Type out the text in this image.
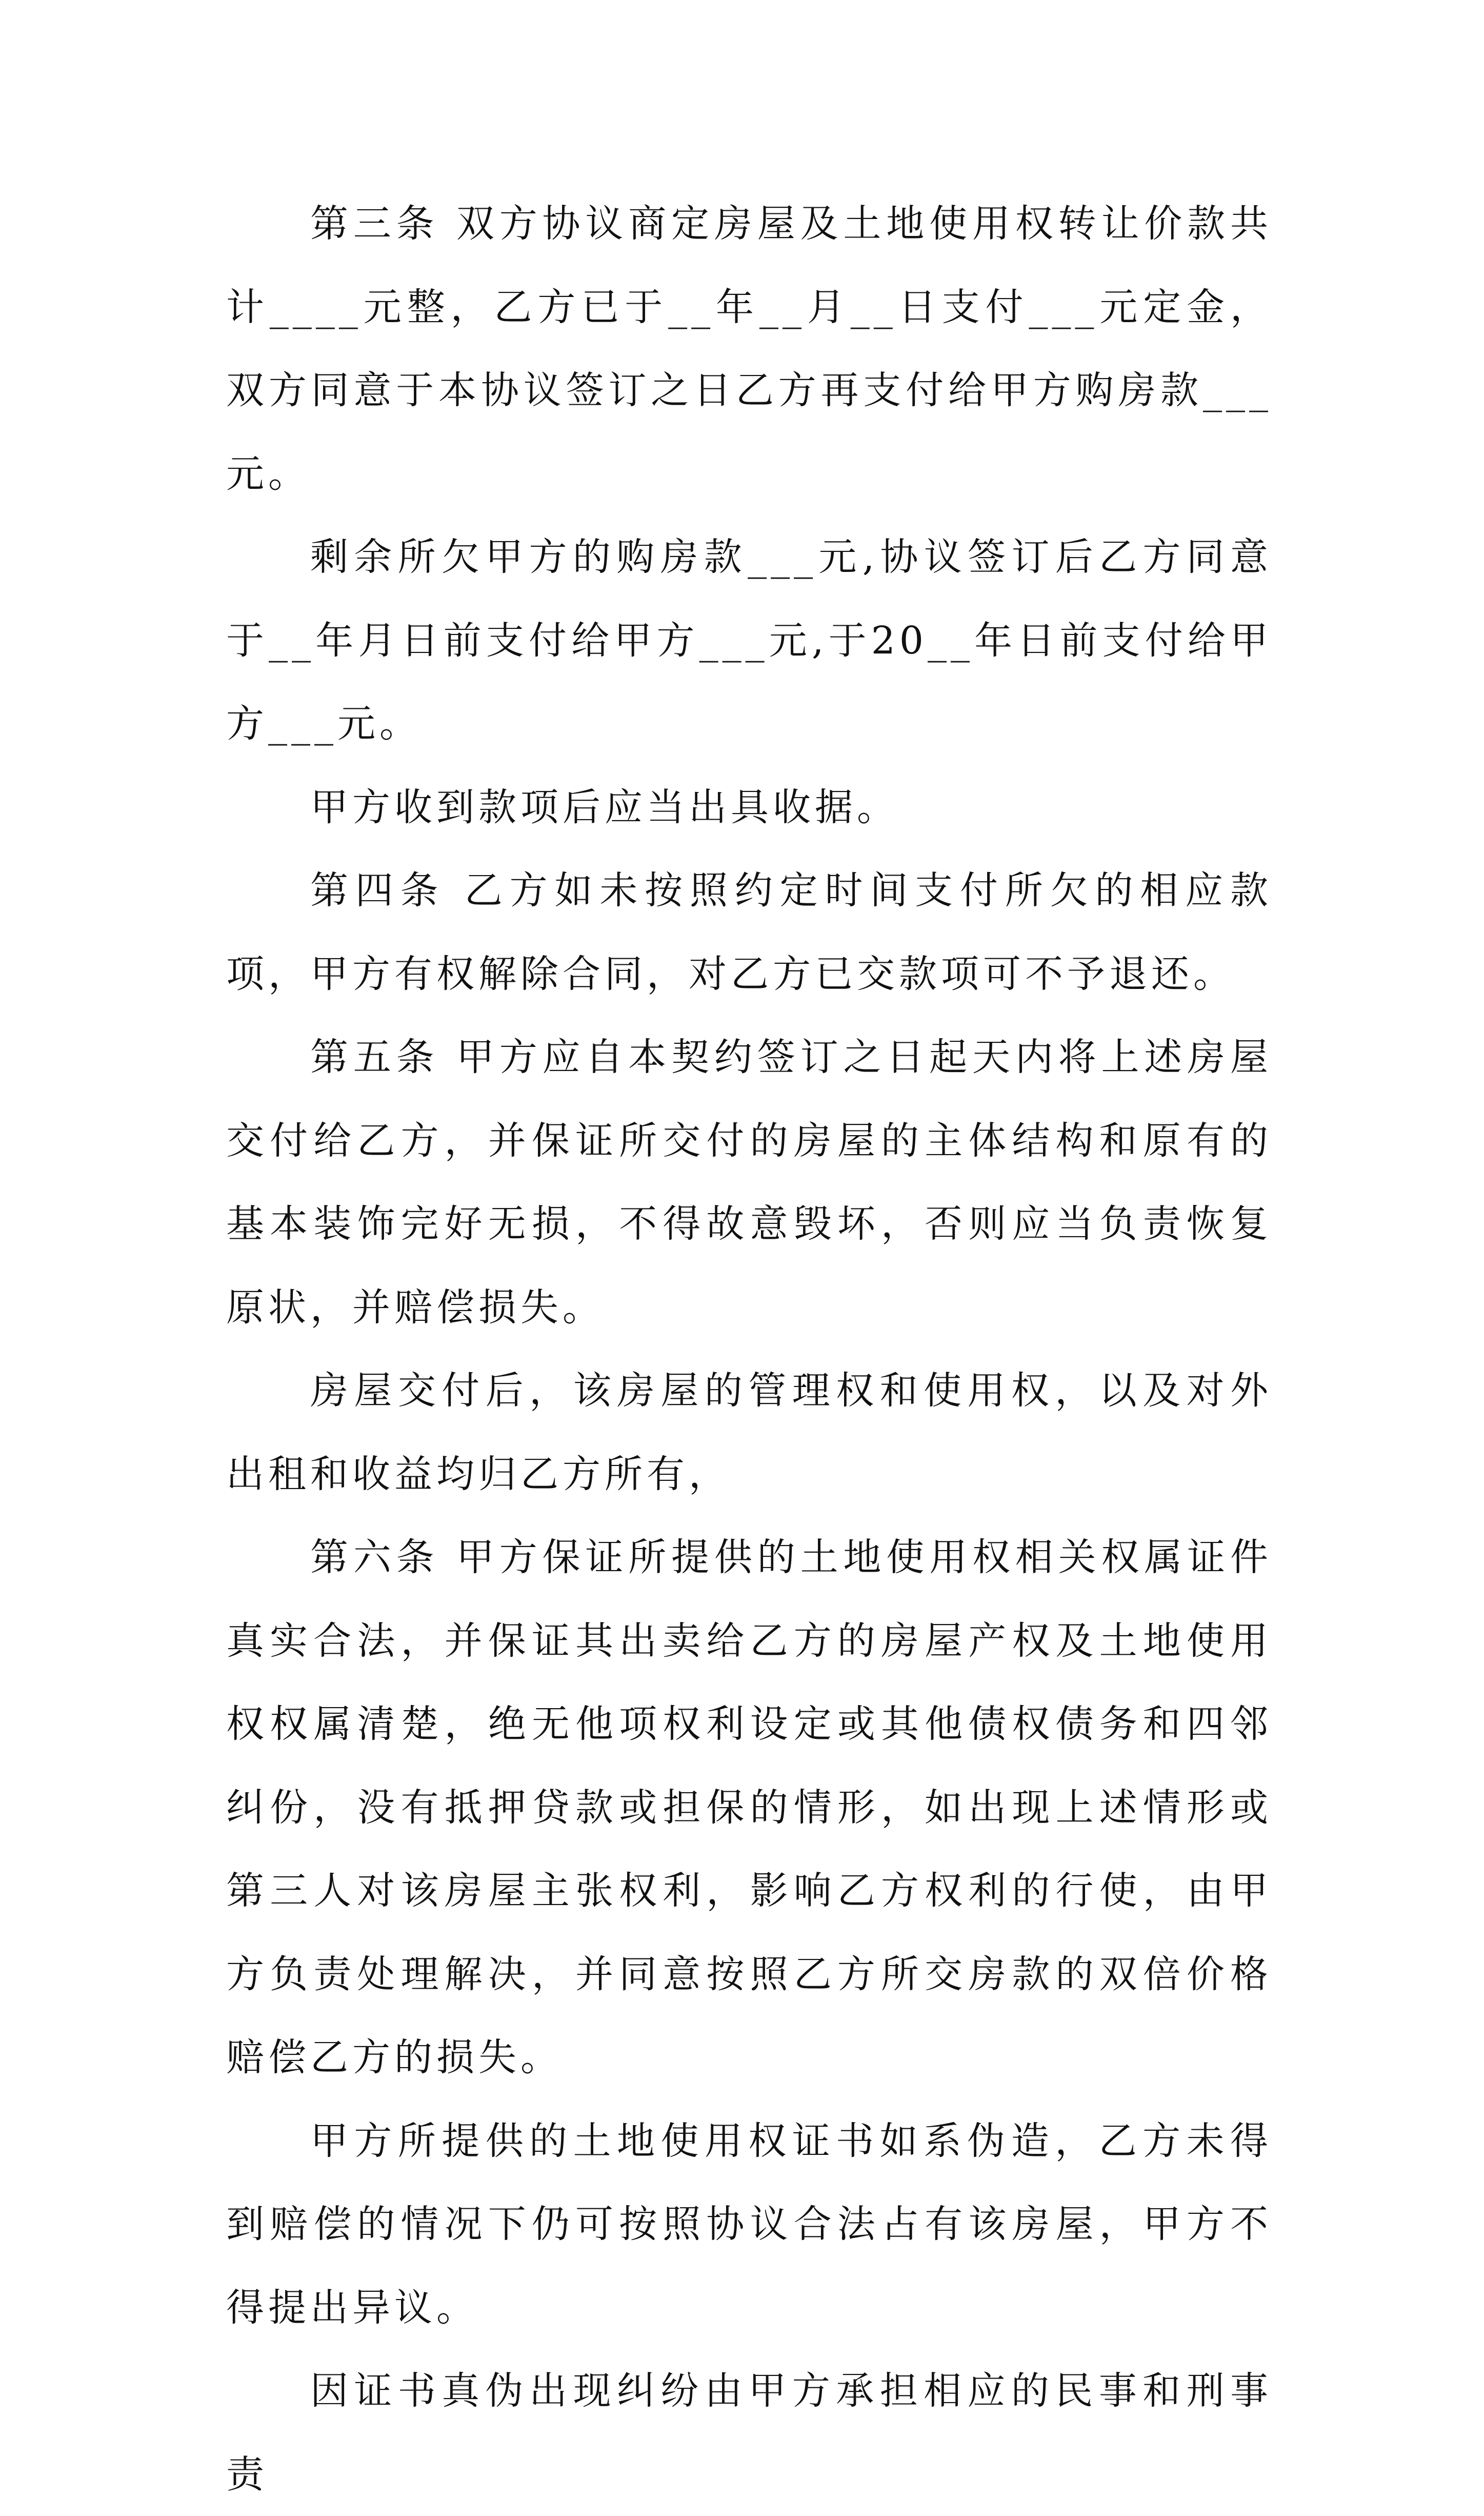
第三条 双方协议商定房屋及土地使用权转让价款共计____元整，乙方已于__年__月__日支付___元定金，双方同意于本协议签订之日乙方再支付给甲方购房款___元。

剩余所欠甲方的购房款___元,协议签订后乙方同意于__年月日前支付给甲方___元,于20__年日前支付给甲方___元。

甲方收到款项后应当出具收据。

第四条 乙方如未按照约定时间支付所欠的相应款项，甲方有权解除合同，对乙方已交款项可不予退还。

第五条 甲方应自本契约签订之日起天内将上述房屋交付给乙方，并保证所交付的房屋的主体结构和原有的基本装饰完好无损，不得故意毁坏，否则应当负责恢复原状，并赔偿损失。

房屋交付后，该房屋的管理权和使用权，以及对外出租和收益均归乙方所有，

第六条 甲方保证所提供的土地使用权相关权属证件真实合法，并保证其出卖给乙方的房屋产权及土地使用权权属清楚，绝无他项权利设定或其他债权债务和四邻纠份，没有抵押贷款或担保的情形，如出现上述情形或第三人对该房屋主张权利，影响乙方权利的行使，由甲方负责处理解决，并同意按照乙方所交房款的双倍价格赔偿乙方的损失。

甲方所提供的土地使用权证书如系伪造，乙方未得到赔偿的情况下仍可按照协议合法占有该房屋，甲方不得提出异议。

因证书真伪出现纠纷由甲方承担相应的民事和刑事责
